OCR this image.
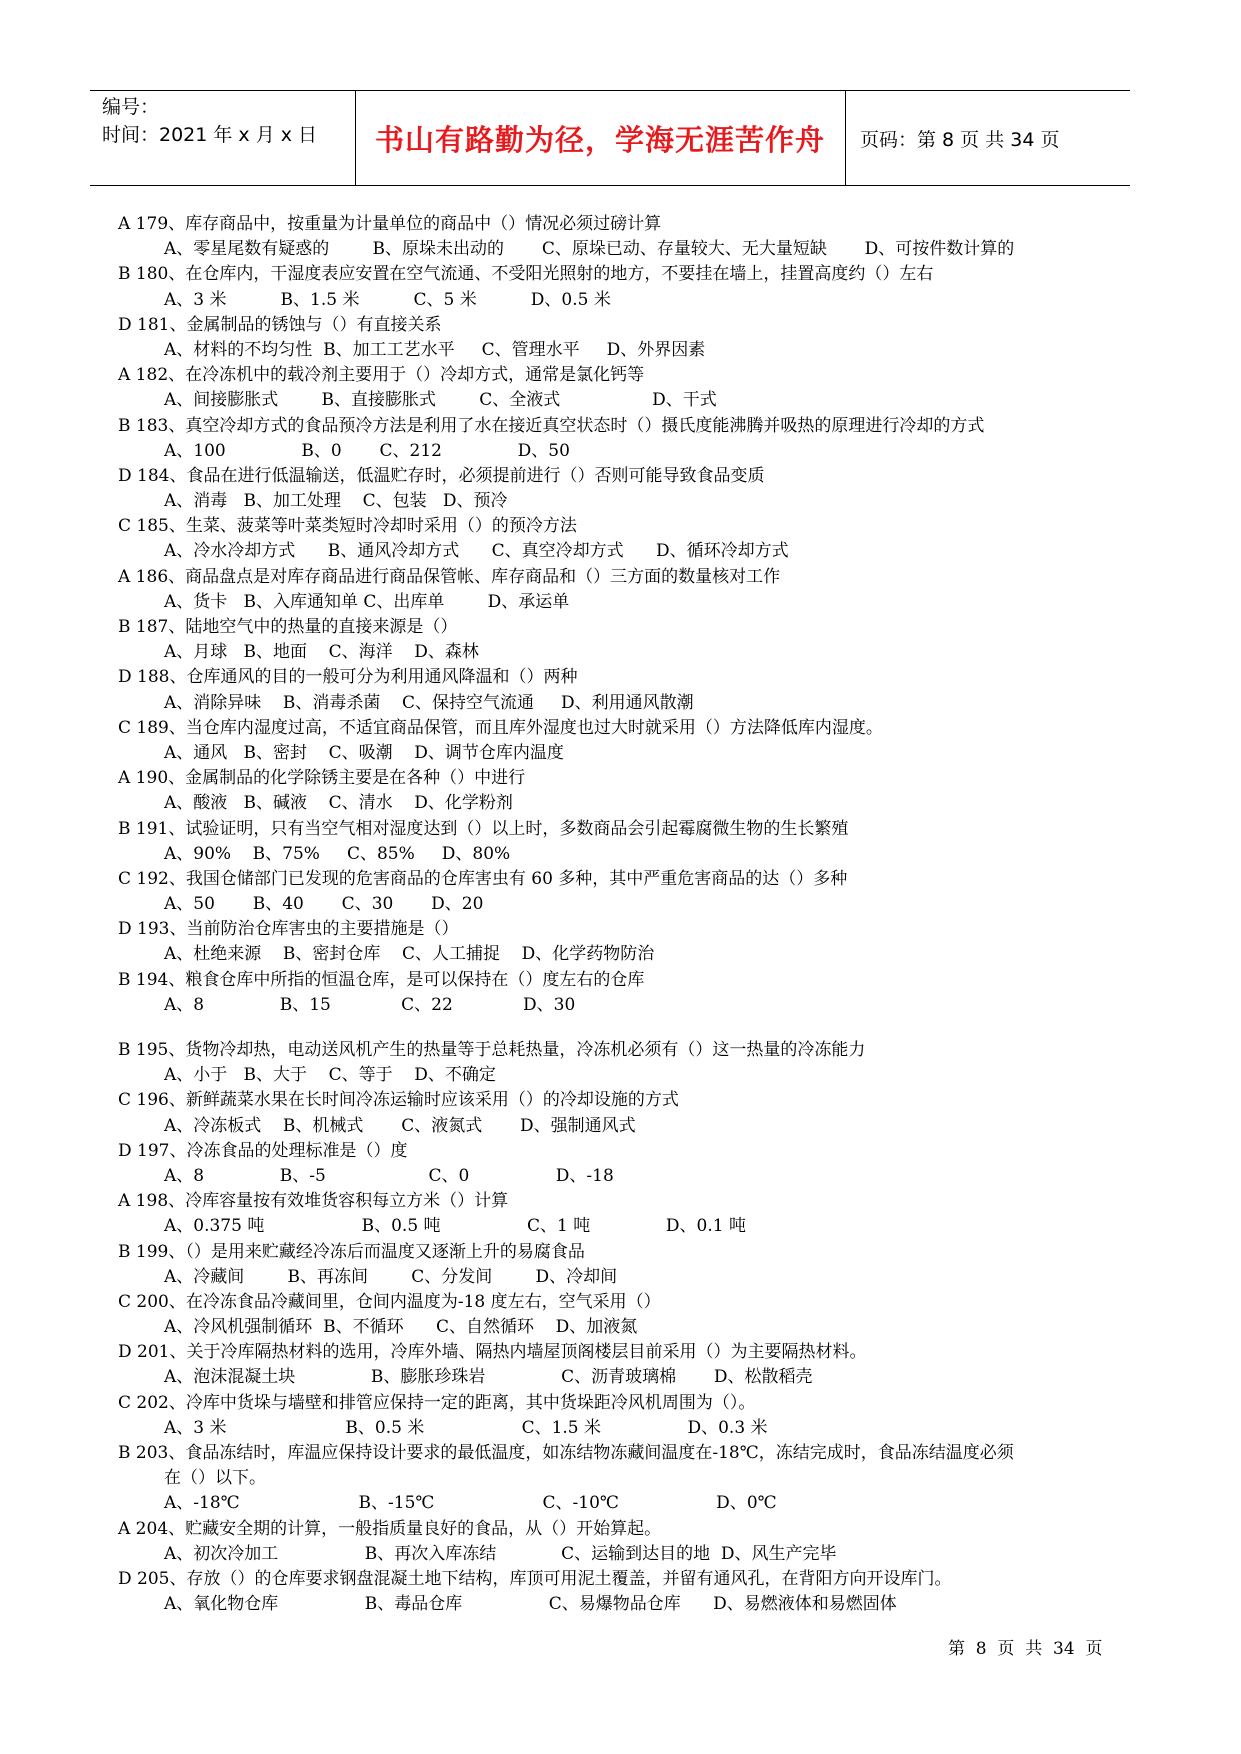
编号：
时间：2021 年 x 月 x 日	书山有路勤为径，学海无涯苦作舟	页码：第 8 页 共 34 页
A 179、库存商品中，按重量为计量单位的商品中（）情况必须过磅计算
A、零星尾数有疑惑的        B、原垛未出动的       C、原垛已动、存量较大、无大量短缺       D、可按件数计算的
B 180、在仓库内，干湿度表应安置在空气流通、不受阳光照射的地方，不要挂在墙上，挂置高度约（）左右
A、3 米          B、1.5 米          C、5 米          D、0.5 米
D 181、金属制品的锈蚀与（）有直接关系
A、材料的不均匀性  B、加工工艺水平     C、管理水平     D、外界因素
A 182、在冷冻机中的载冷剂主要用于（）冷却方式，通常是氯化钙等
A、间接膨胀式        B、直接膨胀式        C、全液式                 D、干式
B 183、真空冷却方式的食品预冷方法是利用了水在接近真空状态时（）摄氏度能沸腾并吸热的原理进行冷却的方式
A、100              B、0       C、212              D、50
D 184、食品在进行低温输送，低温贮存时，必须提前进行（）否则可能导致食品变质
A、消毒   B、加工处理    C、包装   D、预冷
C 185、生菜、菠菜等叶菜类短时冷却时采用（）的预冷方法
A、冷水冷却方式      B、通风冷却方式      C、真空冷却方式      D、循环冷却方式
A 186、商品盘点是对库存商品进行商品保管帐、库存商品和（）三方面的数量核对工作
A、货卡   B、入库通知单 C、出库单        D、承运单
B 187、陆地空气中的热量的直接来源是（）
A、月球   B、地面    C、海洋    D、森林
D 188、仓库通风的目的一般可分为利用通风降温和（）两种
A、消除异味    B、消毒杀菌    C、保持空气流通     D、利用通风散潮
C 189、当仓库内湿度过高，不适宜商品保管，而且库外湿度也过大时就采用（）方法降低库内湿度。
A、通风   B、密封    C、吸潮    D、调节仓库内温度
A 190、金属制品的化学除锈主要是在各种（）中进行
A、酸液   B、碱液    C、清水    D、化学粉剂
B 191、试验证明，只有当空气相对湿度达到（）以上时，多数商品会引起霉腐微生物的生长繁殖
A、90%    B、75%     C、85%     D、80%
C 192、我国仓储部门已发现的危害商品的仓库害虫有 60 多种，其中严重危害商品的达（）多种
A、50       B、40       C、30       D、20
D 193、当前防治仓库害虫的主要措施是（）
A、杜绝来源    B、密封仓库    C、人工捕捉    D、化学药物防治
B 194、粮食仓库中所指的恒温仓库，是可以保持在（）度左右的仓库
A、8              B、15             C、22             D、30
B 195、货物冷却热，电动送风机产生的热量等于总耗热量，冷冻机必须有（）这一热量的冷冻能力
A、小于   B、大于    C、等于    D、不确定
C 196、新鲜蔬菜水果在长时间冷冻运输时应该采用（）的冷却设施的方式
A、冷冻板式    B、机械式       C、液氮式       D、强制通风式
D 197、冷冻食品的处理标准是（）度
A、8              B、-5                   C、0                D、-18
A 198、冷库容量按有效堆货容积每立方米（）计算
A、0.375 吨                  B、0.5 吨                C、1 吨              D、0.1 吨
B 199、（）是用来贮藏经冷冻后而温度又逐渐上升的易腐食品
A、冷藏间        B、再冻间        C、分发间        D、冷却间
C 200、在冷冻食品冷藏间里，仓间内温度为-18 度左右，空气采用（）
A、冷风机强制循环  B、不循环      C、自然循环    D、加液氮
D 201、关于冷库隔热材料的选用，冷库外墙、隔热内墙屋顶阁楼层目前采用（）为主要隔热材料。
A、泡沫混凝土块              B、膨胀珍珠岩              C、沥青玻璃棉       D、松散稻壳
C 202、冷库中货垛与墙壁和排管应保持一定的距离，其中货垛距冷风机周围为（）。
A、3 米                      B、0.5 米                  C、1.5 米                D、0.3 米
B 203、食品冻结时，库温应保持设计要求的最低温度，如冻结物冻藏间温度在-18℃，冻结完成时，食品冻结温度必须
在（）以下。
A、-18℃                      B、-15℃                    C、-10℃                  D、0℃
A 204、贮藏安全期的计算，一般指质量良好的食品，从（）开始算起。
A、初次冷加工                B、再次入库冻结            C、运输到达目的地  D、风生产完毕
D 205、存放（）的仓库要求钢盘混凝土地下结构，库顶可用泥土覆盖，并留有通风孔，在背阳方向开设库门。
A、氧化物仓库                B、毒品仓库                C、易爆物品仓库      D、易燃液体和易燃固体
第  8  页  共  34  页
